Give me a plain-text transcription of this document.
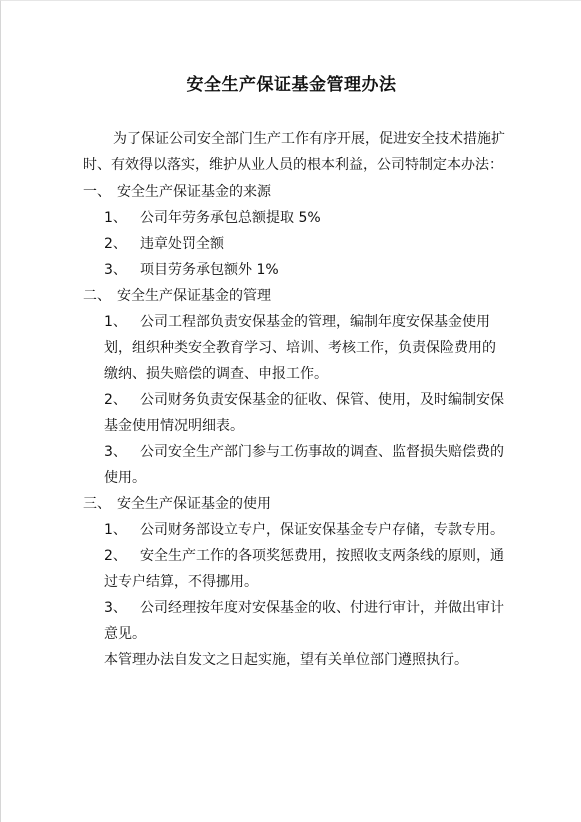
安全生产保证基金管理办法
为了保证公司安全部门生产工作有序开展，促进安全技术措施扩
时、有效得以落实，维护从业人员的根本利益，公司特制定本办法：
一、 安全生产保证基金的来源
1、 公司年劳务承包总额提取 5%
2、 违章处罚全额
3、 项目劳务承包额外 1%
二、 安全生产保证基金的管理
1、 公司工程部负责安保基金的管理，编制年度安保基金使用
划，组织种类安全教育学习、培训、考核工作，负责保险费用的
缴纳、损失赔偿的调查、申报工作。
2、 公司财务负责安保基金的征收、保管、使用，及时编制安保
基金使用情况明细表。
3、 公司安全生产部门参与工伤事故的调查、监督损失赔偿费的
使用。
三、 安全生产保证基金的使用
1、 公司财务部设立专户，保证安保基金专户存储，专款专用。
2、 安全生产工作的各项奖惩费用，按照收支两条线的原则，通
过专户结算，不得挪用。
3、 公司经理按年度对安保基金的收、付进行审计，并做出审计
意见。
本管理办法自发文之日起实施，望有关单位部门遵照执行。
